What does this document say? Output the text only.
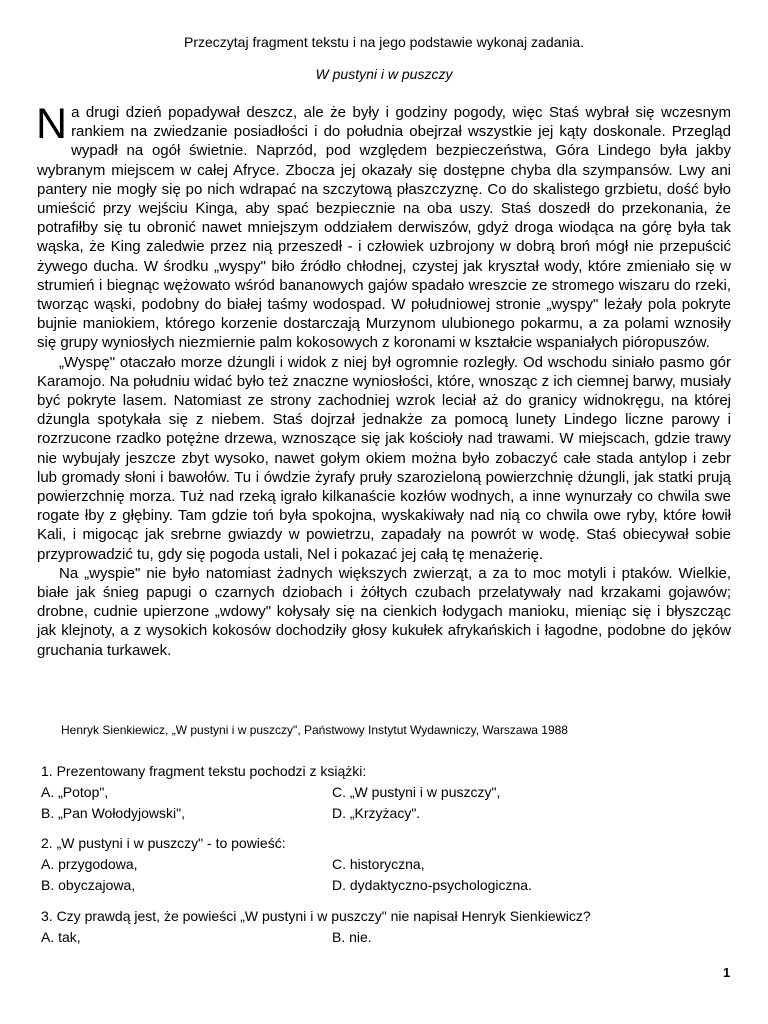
Przeczytaj fragment tekstu i na jego podstawie wykonaj zadania.
W pustyni i w puszczy

Na drugi dzień popadywał deszcz, ale że były i godziny pogody, więc Staś wybrał się wczesnym rankiem na zwiedzanie posiadłości i do południa obejrzał wszystkie jej kąty doskonale. Przegląd wypadł na ogół świetnie. Naprzód, pod względem bezpieczeństwa, Góra Lindego była jakby wybranym miejscem w całej Afryce. Zbocza jej okazały się dostępne chyba dla szympansów. Lwy ani pantery nie mogły się po nich wdrapać na szczytową płaszczyznę. Co do skalistego grzbietu, dość było umieścić przy wejściu Kinga, aby spać bezpiecznie na oba uszy. Staś doszedł do przekonania, że potrafiłby się tu obronić nawet mniejszym oddziałem derwiszów, gdyż droga wiodąca na górę była tak wąska, że King zaledwie przez nią przeszedł - i człowiek uzbrojony w dobrą broń mógł nie przepuścić żywego ducha. W środku „wyspy" biło źródło chłodnej, czystej jak kryształ wody, które zmieniało się w strumień i biegnąc wężowato wśród bananowych gajów spadało wreszcie ze stromego wiszaru do rzeki, tworząc wąski, podobny do białej taśmy wodospad. W południowej stronie „wyspy" leżały pola pokryte bujnie maniokiem, którego korzenie dostarczają Murzynom ulubionego pokarmu, a za polami wznosiły się grupy wyniosłych niezmiernie palm kokosowych z koronami w kształcie wspaniałych pióropuszów.

„Wyspę" otaczało morze dżungli i widok z niej był ogromnie rozległy. Od wschodu siniało pasmo gór Karamojo. Na południu widać było też znaczne wyniosłości, które, wnosząc z ich ciemnej barwy, musiały być pokryte lasem. Natomiast ze strony zachodniej wzrok leciał aż do granicy widnokręgu, na której dżungla spotykała się z niebem. Staś dojrzał jednakże za pomocą lunety Lindego liczne parowy i rozrzucone rzadko potężne drzewa, wznoszące się jak kościoły nad trawami. W miejscach, gdzie trawy nie wybujały jeszcze zbyt wysoko, nawet gołym okiem można było zobaczyć całe stada antylop i zebr lub gromady słoni i bawołów. Tu i ówdzie żyrafy pruły szarozieloną powierzchnię dżungli, jak statki prują powierzchnię morza. Tuż nad rzeką igrało kilkanaście kozłów wodnych, a inne wynurzały co chwila swe rogate łby z głębiny. Tam gdzie toń była spokojna, wyskakiwały nad nią co chwila owe ryby, które łowił Kali, i migocąc jak srebrne gwiazdy w powietrzu, zapadały na powrót w wodę. Staś obiecywał sobie przyprowadzić tu, gdy się pogoda ustali, Nel i pokazać jej całą tę menażerię.

Na „wyspie" nie było natomiast żadnych większych zwierząt, a za to moc motyli i ptaków. Wielkie, białe jak śnieg papugi o czarnych dziobach i żółtych czubach przelatywały nad krzakami gojawów; drobne, cudnie upierzone „wdowy" kołysały się na cienkich łodygach manioku, mieniąc się i błyszcząc jak klejnoty, a z wysokich kokosów dochodziły głosy kukułek afrykańskich i łagodne, podobne do jęków gruchania turkawek.

Henryk Sienkiewicz, „W pustyni i w puszczy", Państwowy Instytut Wydawniczy, Warszawa 1988
1. Prezentowany fragment tekstu pochodzi z książki:
A. „Potop",	C. „W pustyni i w puszczy",
B. „Pan Wołodyjowski",	D. „Krzyżacy".
2. „W pustyni i w puszczy" - to powieść:
A. przygodowa,	C. historyczna,
B. obyczajowa,	D. dydaktyczno-psychologiczna.
3. Czy prawdą jest, że powieści „W pustyni i w puszczy" nie napisał Henryk Sienkiewicz?
A. tak,	B. nie.
1
